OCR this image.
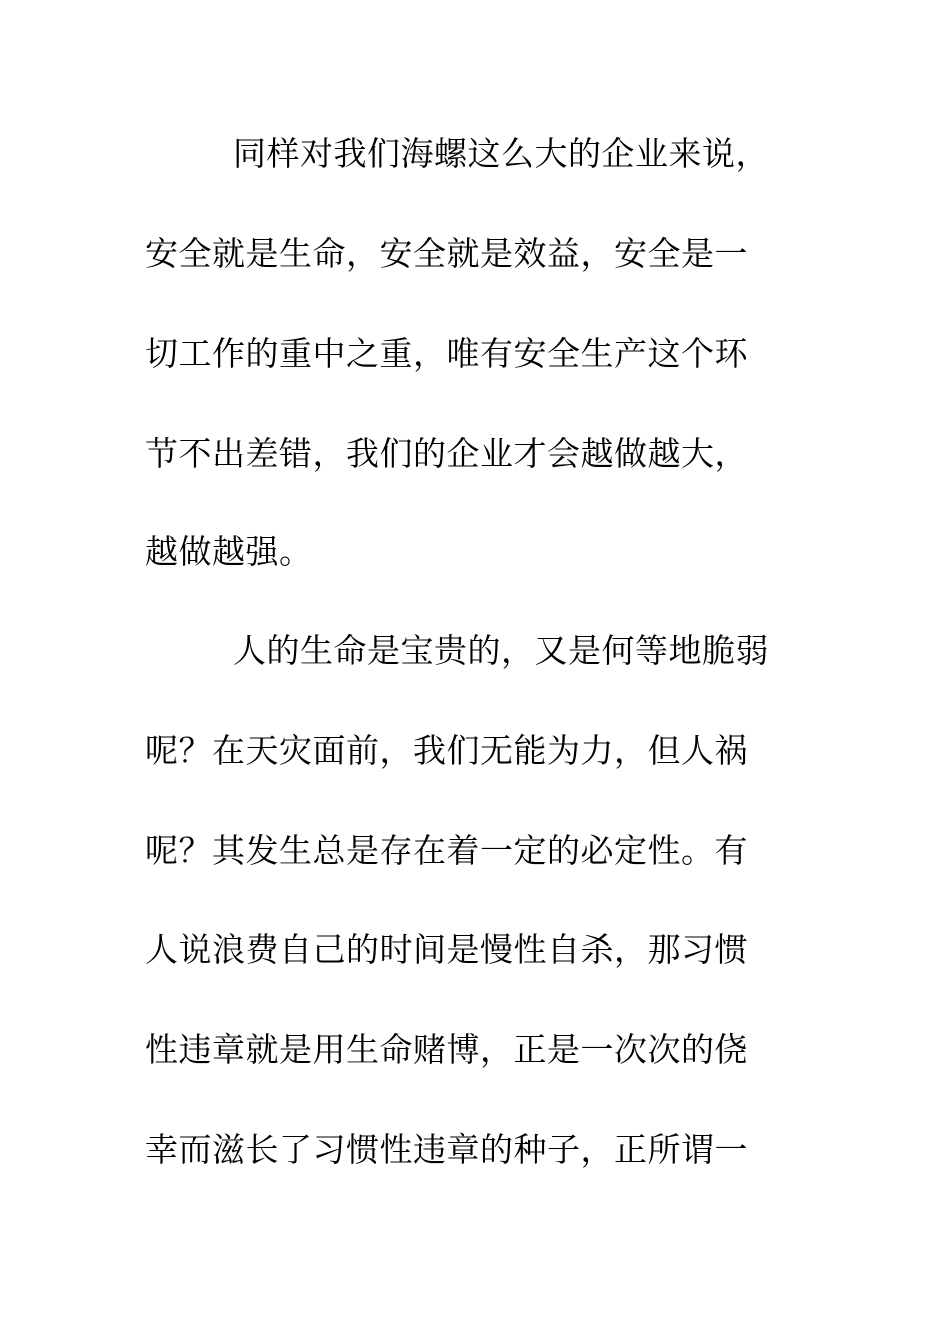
同样对我们海螺这么大的企业来说，
安全就是生命，安全就是效益，安全是一
切工作的重中之重，唯有安全生产这个环
节不出差错，我们的企业才会越做越大，
越做越强。
人的生命是宝贵的，又是何等地脆弱
呢？在天灾面前，我们无能为力，但人祸
呢？其发生总是存在着一定的必定性。有
人说浪费自己的时间是慢性自杀，那习惯
性违章就是用生命赌博，正是一次次的侥
幸而滋长了习惯性违章的种子，正所谓一
